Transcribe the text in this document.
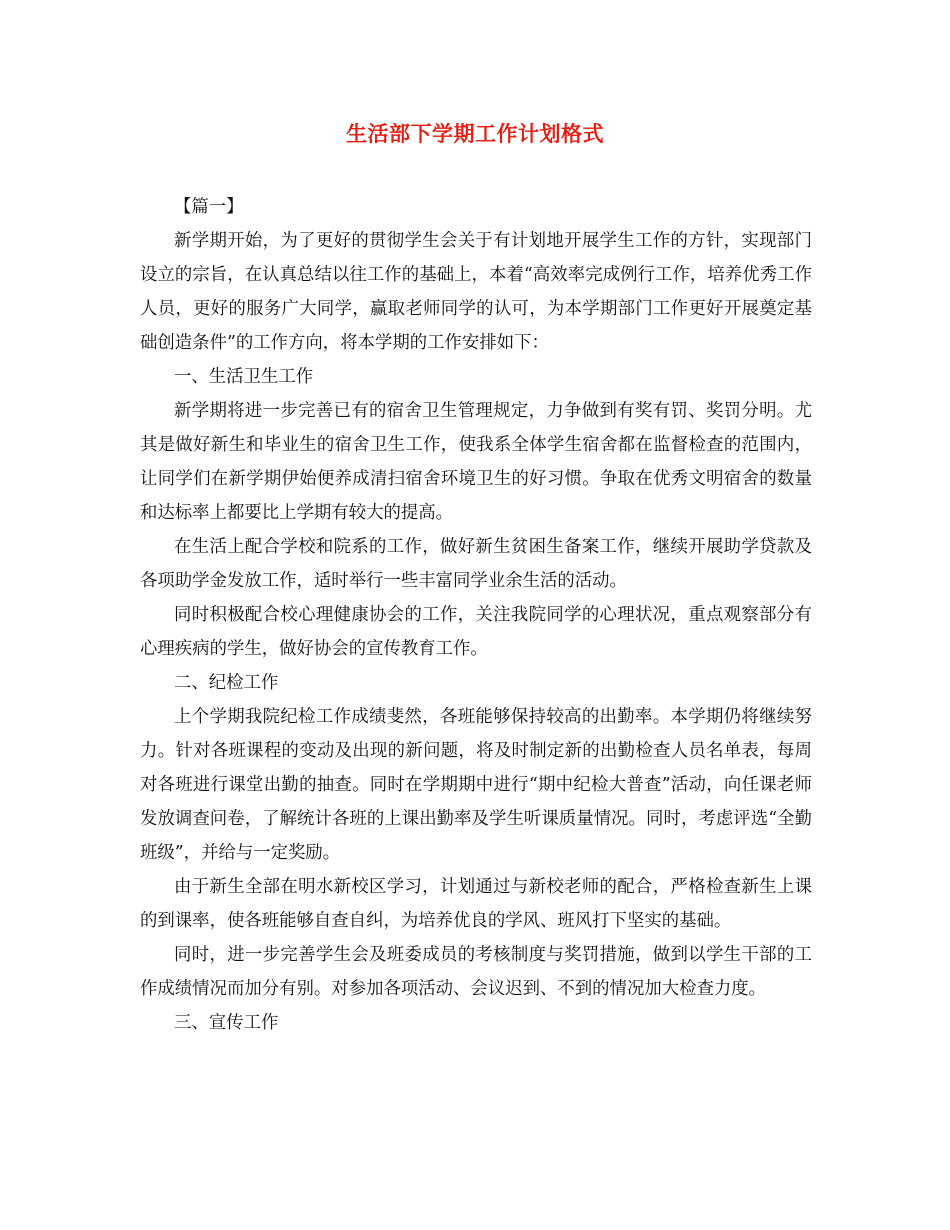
生活部下学期工作计划格式

【篇一】

新学期开始，为了更好的贯彻学生会关于有计划地开展学生工作的方针，实现部门设立的宗旨，在认真总结以往工作的基础上，本着“高效率完成例行工作，培养优秀工作人员，更好的服务广大同学，赢取老师同学的认可，为本学期部门工作更好开展奠定基础创造条件”的工作方向，将本学期的工作安排如下：

一、生活卫生工作

新学期将进一步完善已有的宿舍卫生管理规定，力争做到有奖有罚、奖罚分明。尤其是做好新生和毕业生的宿舍卫生工作，使我系全体学生宿舍都在监督检查的范围内，让同学们在新学期伊始便养成清扫宿舍环境卫生的好习惯。争取在优秀文明宿舍的数量和达标率上都要比上学期有较大的提高。

在生活上配合学校和院系的工作，做好新生贫困生备案工作，继续开展助学贷款及各项助学金发放工作，适时举行一些丰富同学业余生活的活动。

同时积极配合校心理健康协会的工作，关注我院同学的心理状况，重点观察部分有心理疾病的学生，做好协会的宣传教育工作。

二、纪检工作

上个学期我院纪检工作成绩斐然，各班能够保持较高的出勤率。本学期仍将继续努力。针对各班课程的变动及出现的新问题，将及时制定新的出勤检查人员名单表，每周对各班进行课堂出勤的抽查。同时在学期期中进行“期中纪检大普查”活动，向任课老师发放调查问卷，了解统计各班的上课出勤率及学生听课质量情况。同时，考虑评选“全勤班级”，并给与一定奖励。

由于新生全部在明水新校区学习，计划通过与新校老师的配合，严格检查新生上课的到课率，使各班能够自查自纠，为培养优良的学风、班风打下坚实的基础。

同时，进一步完善学生会及班委成员的考核制度与奖罚措施，做到以学生干部的工作成绩情况而加分有别。对参加各项活动、会议迟到、不到的情况加大检查力度。

三、宣传工作
